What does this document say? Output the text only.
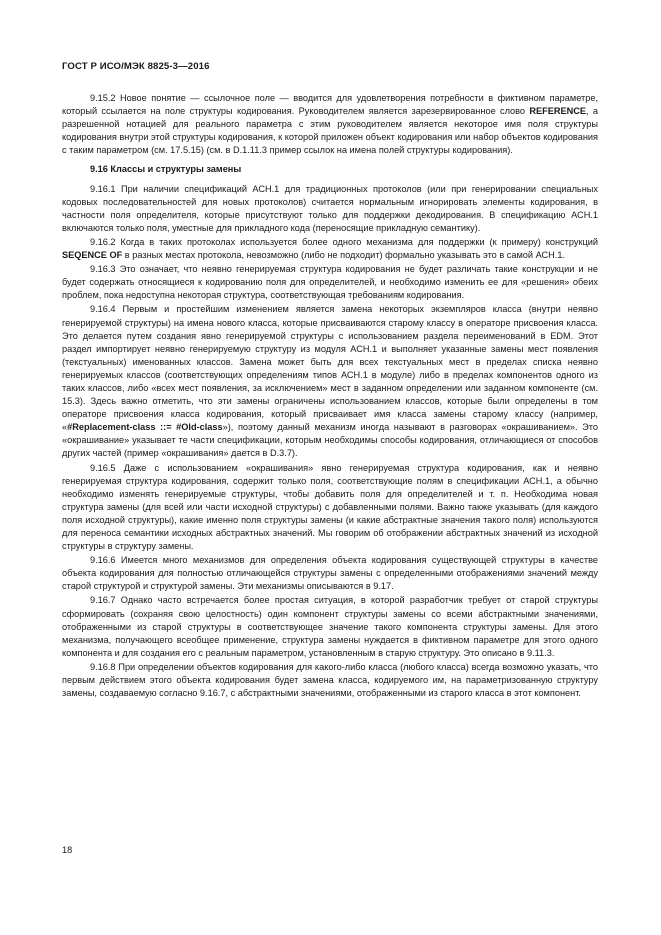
ГОСТ Р ИСО/МЭК 8825-3—2016

9.15.2 Новое понятие — ссылочное поле — вводится для удовлетворения потребности в фиктивном параметре, который ссылается на поле структуры кодирования. Руководителем является зарезервированное слово REFERENCE, а разрешенной нотацией для реального параметра с этим руководителем является некоторое имя поля структуры кодирования внутри этой структуры кодирования, к которой приложен объект кодирования или набор объектов кодирования с таким параметром (см. 17.5.15) (см. в D.1.11.3 пример ссылок на имена полей структуры кодирования).

9.16 Классы и структуры замены

9.16.1 При наличии спецификаций АСН.1 для традиционных протоколов (или при генерировании специальных кодовых последовательностей для новых протоколов) считается нормальным игнорировать элементы кодирования, в частности поля определителя, которые присутствуют только для поддержки декодирования. В спецификацию АСН.1 включаются только поля, уместные для прикладного кода (переносящие прикладную семантику).

9.16.2 Когда в таких протоколах используется более одного механизма для поддержки (к примеру) конструкций SEQENCE OF в разных местах протокола, невозможно (либо не подходит) формально указывать это в самой АСН.1.

9.16.3 Это означает, что неявно генерируемая структура кодирования не будет различать такие конструкции и не будет содержать относящиеся к кодированию поля для определителей, и необходимо изменить ее для «решения» обеих проблем, пока недоступна некоторая структура, соответствующая требованиям кодирования.

9.16.4 Первым и простейшим изменением является замена некоторых экземпляров класса (внутри неявно генерируемой структуры) на имена нового класса, которые присваиваются старому классу в операторе присвоения класса. Это делается путем создания явно генерируемой структуры с использованием раздела переименований в EDM. Этот раздел импортирует неявно генерируемую структуру из модуля АСН.1 и выполняет указанные замены мест появления (текстуальных) именованных классов. Замена может быть для всех текстуальных мест в пределах списка неявно генерируемых классов (соответствующих определениям типов АСН.1 в модуле) либо в пределах компонентов одного из таких классов, либо «всех мест появления, за исключением» мест в заданном определении или заданном компоненте (см. 15.3). Здесь важно отметить, что эти замены ограничены использованием классов, которые были определены в том операторе присвоения класса кодирования, который присваивает имя класса замены старому классу (например, «#Replacement-class ::= #Old-class»), поэтому данный механизм иногда называют в разговорах «окрашиванием». Это «окрашивание» указывает те части спецификации, которым необходимы способы кодирования, отличающиеся от способов других частей (пример «окрашивания» дается в D.3.7).

9.16.5 Даже с использованием «окрашивания» явно генерируемая структура кодирования, как и неявно генерируемая структура кодирования, содержит только поля, соответствующие полям в спецификации АСН.1, а обычно необходимо изменять генерируемые структуры, чтобы добавить поля для определителей и т. п. Необходима новая структура замены (для всей или части исходной структуры) с добавленными полями. Важно также указывать (для каждого поля исходной структуры), какие именно поля структуры замены (и какие абстрактные значения такого поля) используются для переноса семантики исходных абстрактных значений. Мы говорим об отображении абстрактных значений из исходной структуры в структуру замены.

9.16.6 Имеется много механизмов для определения объекта кодирования существующей структуры в качестве объекта кодирования для полностью отличающейся структуры замены с определенными отображениями значений между старой структурой и структурой замены. Эти механизмы описываются в 9.17.

9.16.7 Однако часто встречается более простая ситуация, в которой разработчик требует от старой структуры сформировать (сохраняя свою целостность) один компонент структуры замены со всеми абстрактными значениями, отображенными из старой структуры в соответствующее значение такого компонента структуры замены. Для этого механизма, получающего всеобщее применение, структура замены нуждается в фиктивном параметре для этого одного компонента и для создания его с реальным параметром, установленным в старую структуру. Это описано в 9.11.3.

9.16.8 При определении объектов кодирования для какого-либо класса (любого класса) всегда возможно указать, что первым действием этого объекта кодирования будет замена класса, кодируемого им, на параметризованную структуру замены, создаваемую согласно 9.16.7, с абстрактными значениями, отображенными из старого класса в этот компонент.

18
